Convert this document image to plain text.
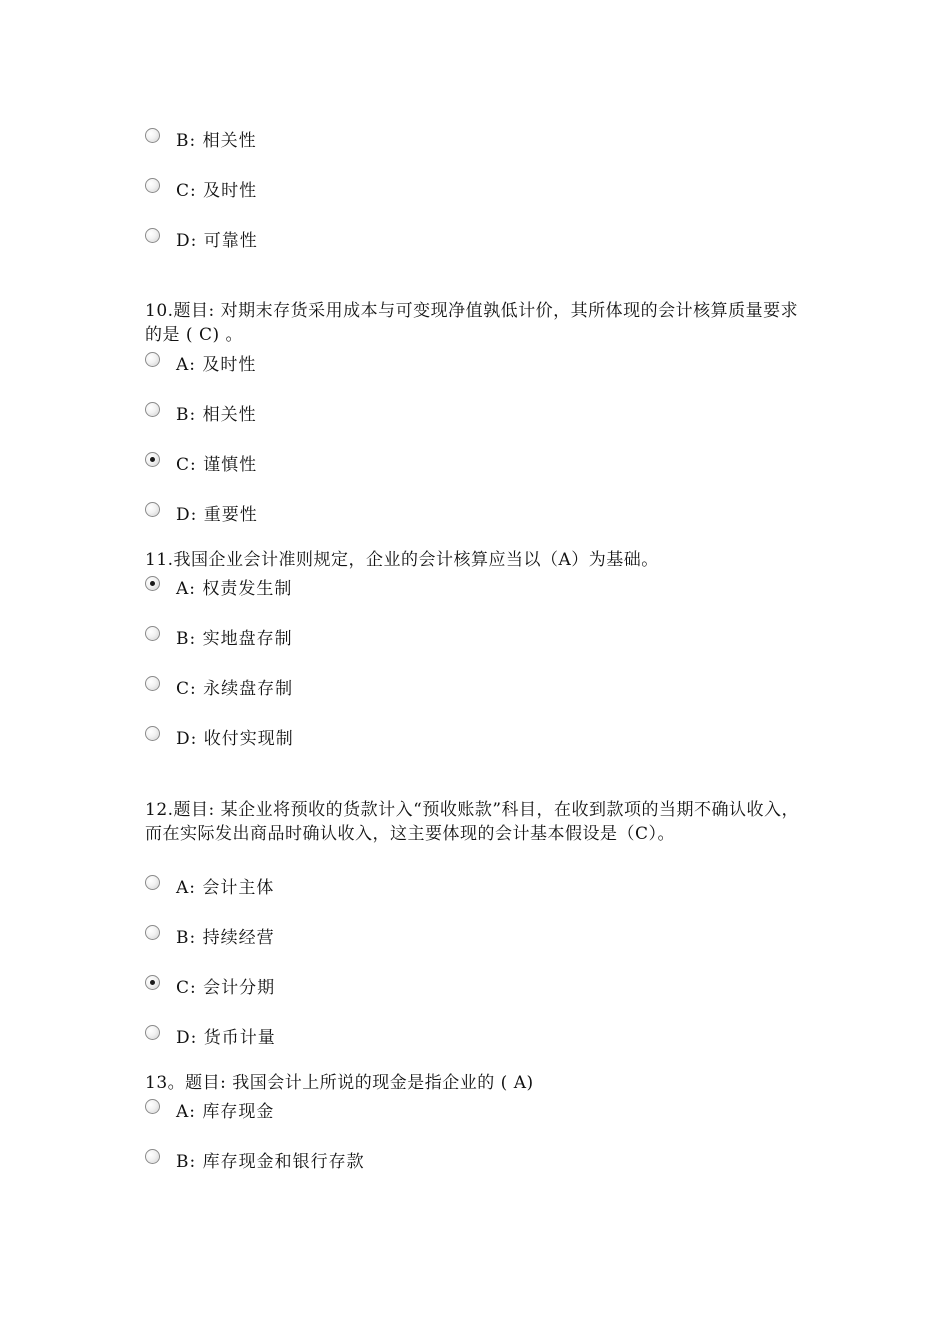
B: 相关性
C: 及时性
D: 可靠性

10.题目: 对期末存货采用成本与可变现净值孰低计价，其所体现的会计核算质量要求的是 ( C) 。

A: 及时性
B: 相关性
C: 谨慎性
D: 重要性

11.我国企业会计准则规定，企业的会计核算应当以（A）为基础。

A: 权责发生制
B: 实地盘存制
C: 永续盘存制
D: 收付实现制

12.题目: 某企业将预收的货款计入“预收账款”科目，在收到款项的当期不确认收入，而在实际发出商品时确认收入，这主要体现的会计基本假设是（C）。

A: 会计主体
B: 持续经营
C: 会计分期
D: 货币计量

13。题目: 我国会计上所说的现金是指企业的 ( A)

A: 库存现金
B: 库存现金和银行存款
